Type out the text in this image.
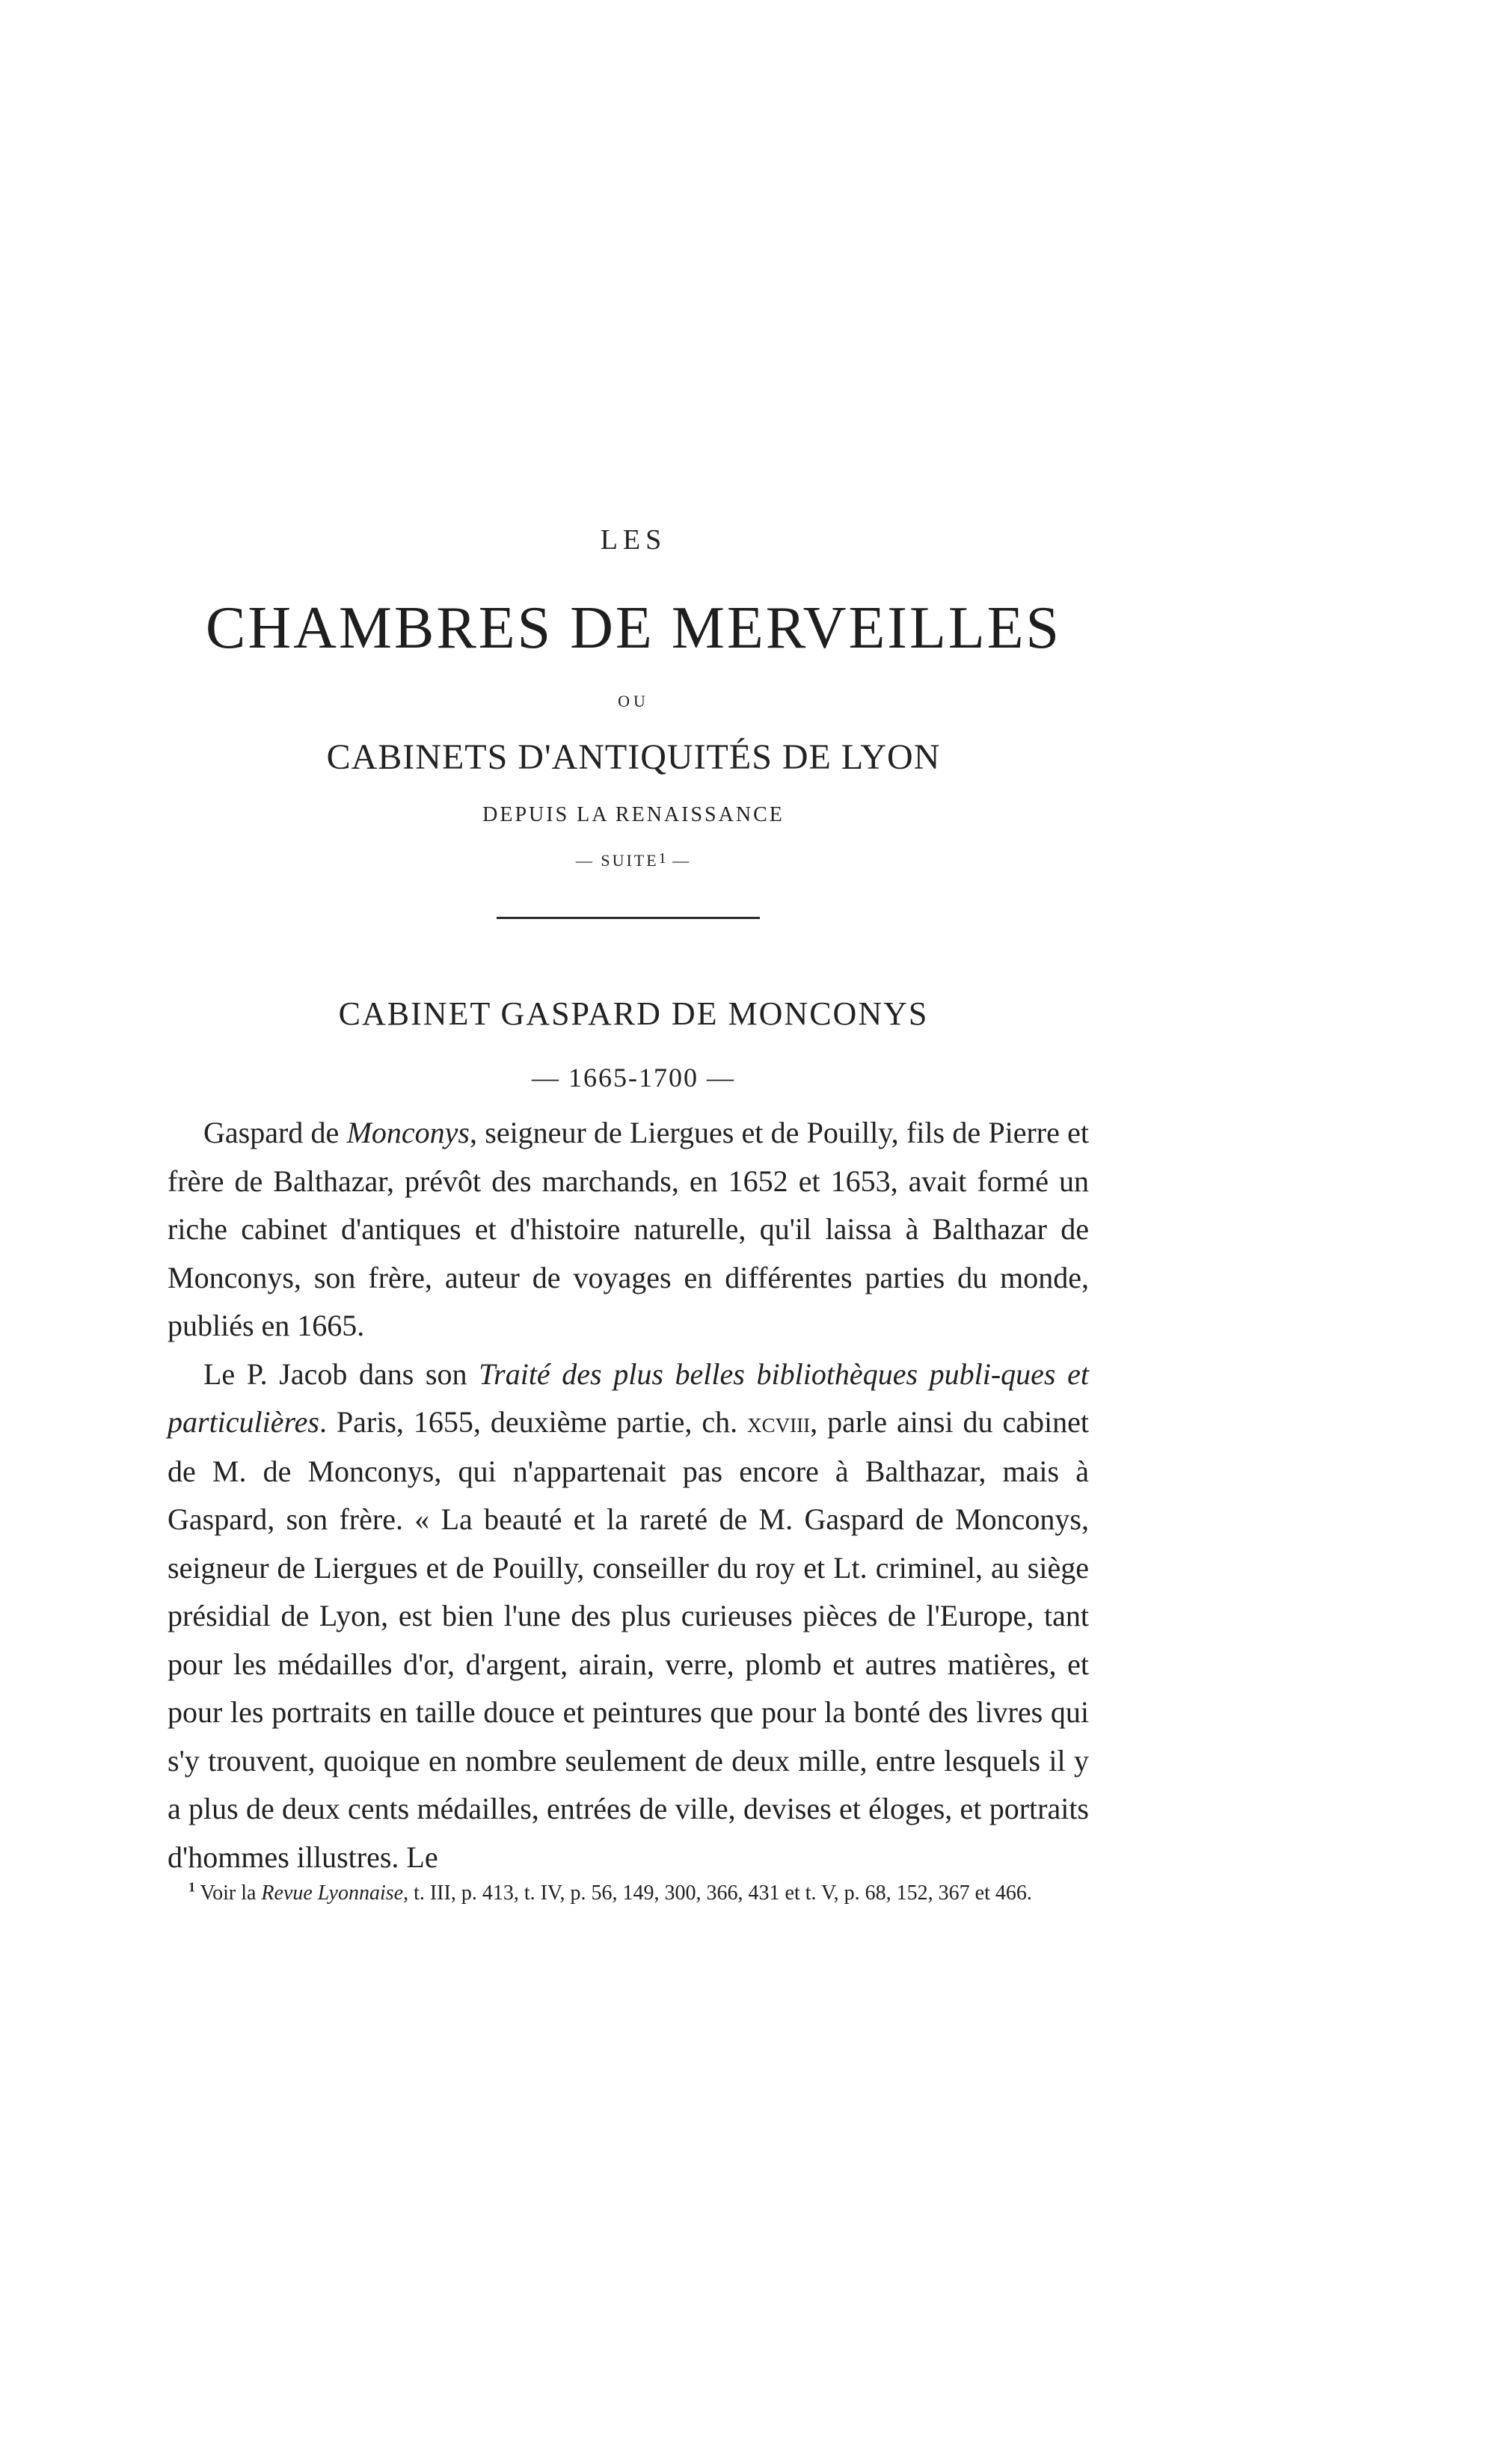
LES
CHAMBRES DE MERVEILLES
OU
CABINETS D'ANTIQUITÉS DE LYON
DEPUIS LA RENAISSANCE
— SUITE$^1$ —
CABINET GASPARD DE MONCONYS
— 1665-1700 —

Gaspard de Monconys, seigneur de Liergues et de Pouilly, fils de Pierre et frère de Balthazar, prévôt des marchands, en 1652 et 1653, avait formé un riche cabinet d'antiques et d'histoire naturelle, qu'il laissa à Balthazar de Monconys, son frère, auteur de voyages en différentes parties du monde, publiés en 1665.

Le P. Jacob dans son Traité des plus belles bibliothèques publi-ques et particulières. Paris, 1655, deuxième partie, ch. xcviii, parle ainsi du cabinet de M. de Monconys, qui n'appartenait pas encore à Balthazar, mais à Gaspard, son frère. « La beauté et la rareté de M. Gaspard de Monconys, seigneur de Liergues et de Pouilly, conseiller du roy et Lt. criminel, au siège présidial de Lyon, est bien l'une des plus curieuses pièces de l'Europe, tant pour les médailles d'or, d'argent, airain, verre, plomb et autres matières, et pour les portraits en taille douce et peintures que pour la bonté des livres qui s'y trouvent, quoique en nombre seulement de deux mille, entre lesquels il y a plus de deux cents médailles, entrées de ville, devises et éloges, et portraits d'hommes illustres. Le

$^1$ Voir la Revue Lyonnaise, t. III, p. 413, t. IV, p. 56, 149, 300, 366, 431 et t. V, p. 68, 152, 367 et 466.
